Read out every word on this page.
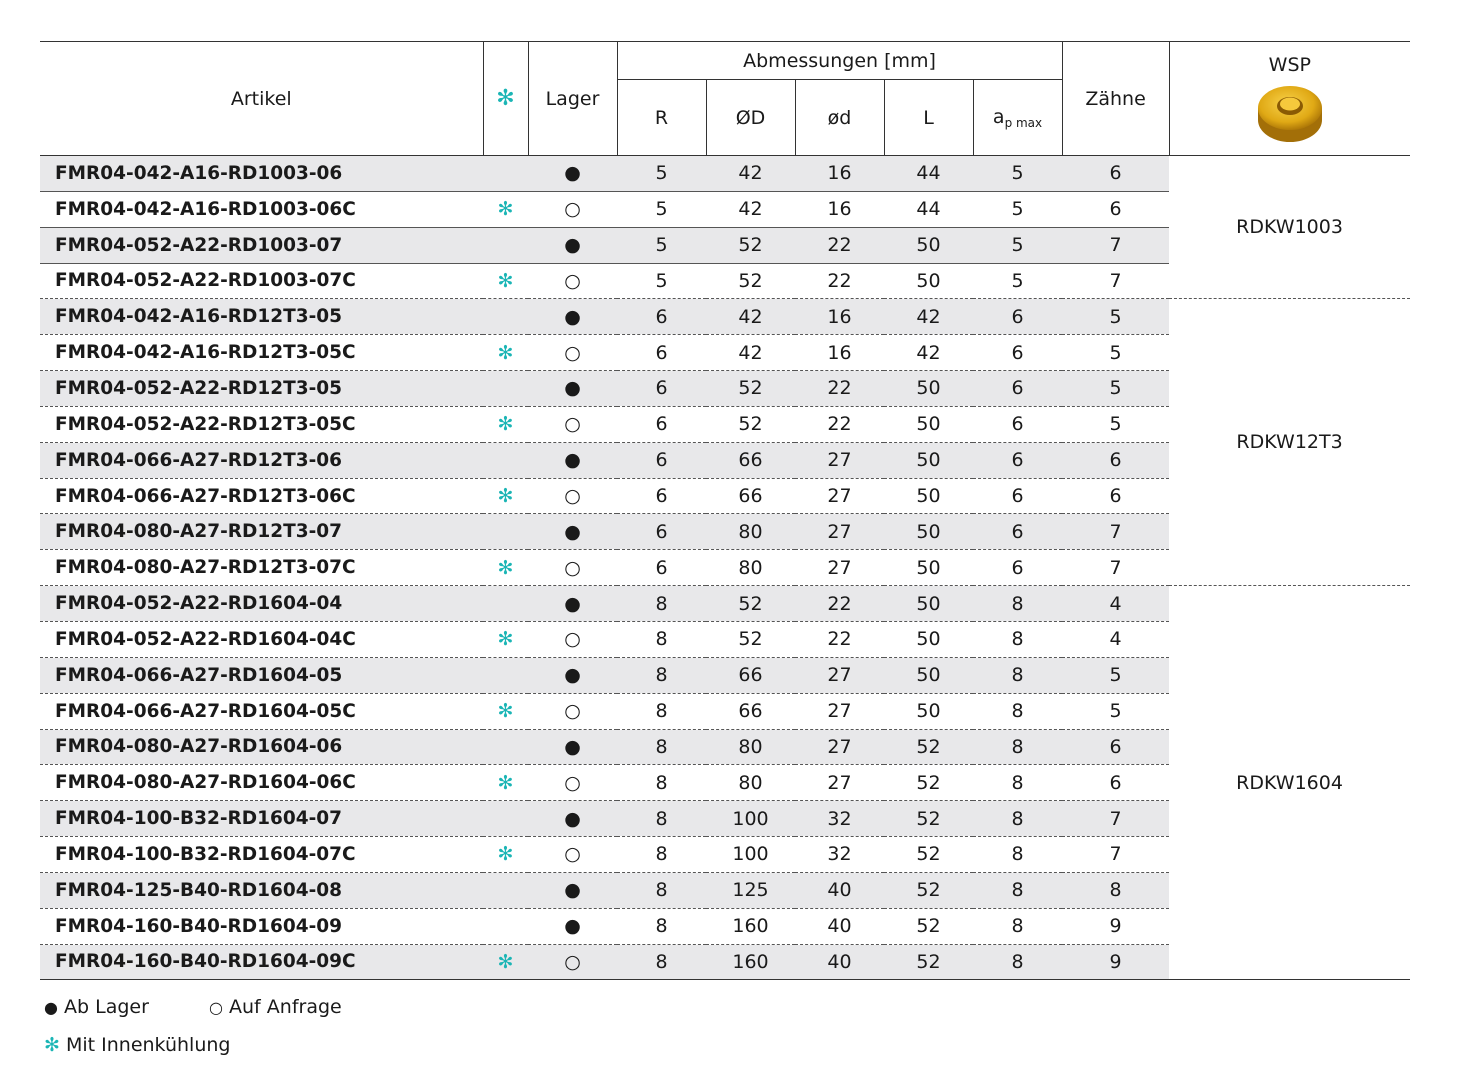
Artikel	✻	Lager	Abmessungen [mm]					Zähne	WSP

			R	ØD	ød	L	$a_{p max}$
FMR04-042-A16-RD1003-06		●	5	42	16	44	5	6	RDKW1003
FMR04-042-A16-RD1003-06C	✻	○	5	42	16	44	5	6	
FMR04-052-A22-RD1003-07		●	5	52	22	50	5	7	
FMR04-052-A22-RD1003-07C	✻	○	5	52	22	50	5	7	
FMR04-042-A16-RD12T3-05		●	6	42	16	42	6	5	RDKW12T3
FMR04-042-A16-RD12T3-05C	✻	○	6	42	16	42	6	5	
FMR04-052-A22-RD12T3-05		●	6	52	22	50	6	5	
FMR04-052-A22-RD12T3-05C	✻	○	6	52	22	50	6	5	
FMR04-066-A27-RD12T3-06		●	6	66	27	50	6	6	
FMR04-066-A27-RD12T3-06C	✻	○	6	66	27	50	6	6	
FMR04-080-A27-RD12T3-07		●	6	80	27	50	6	7	
FMR04-080-A27-RD12T3-07C	✻	○	6	80	27	50	6	7	
FMR04-052-A22-RD1604-04		●	8	52	22	50	8	4	RDKW1604
FMR04-052-A22-RD1604-04C	✻	○	8	52	22	50	8	4	
FMR04-066-A27-RD1604-05		●	8	66	27	50	8	5	
FMR04-066-A27-RD1604-05C	✻	○	8	66	27	50	8	5	
FMR04-080-A27-RD1604-06		●	8	80	27	52	8	6	
FMR04-080-A27-RD1604-06C	✻	○	8	80	27	52	8	6	
FMR04-100-B32-RD1604-07		●	8	100	32	52	8	7	
FMR04-100-B32-RD1604-07C	✻	○	8	100	32	52	8	7	
FMR04-125-B40-RD1604-08		●	8	125	40	52	8	8	
FMR04-160-B40-RD1604-09		●	8	160	40	52	8	9	
FMR04-160-B40-RD1604-09C	✻	○	8	160	40	52	8	9	
● Ab Lager	○ Auf Anfrage
✻ Mit Innenkühlung
